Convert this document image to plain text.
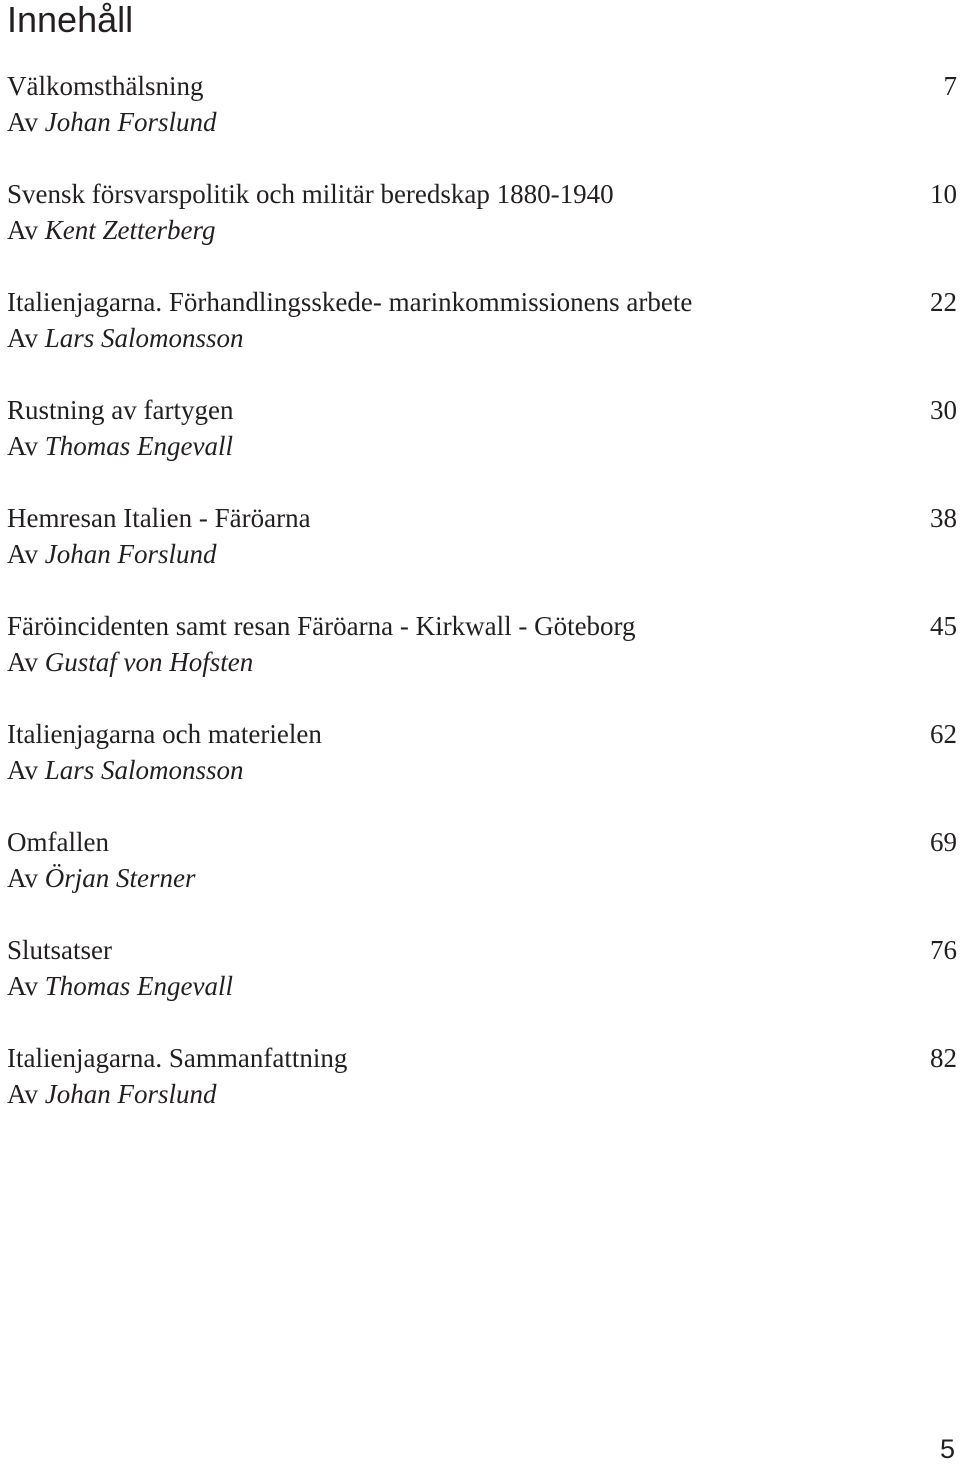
Innehåll
Välkomsthälsning	7
Av Johan Forslund
Svensk försvarspolitik och militär beredskap 1880-1940	10
Av Kent Zetterberg
Italienjagarna. Förhandlingsskede- marinkommissionens arbete	22
Av Lars Salomonsson
Rustning av fartygen	30
Av Thomas Engevall
Hemresan Italien - Färöarna	38
Av Johan Forslund
Färöincidenten samt resan Färöarna - Kirkwall - Göteborg	45
Av Gustaf von Hofsten
Italienjagarna och materielen	62
Av Lars Salomonsson
Omfallen	69
Av Örjan Sterner
Slutsatser	76
Av Thomas Engevall
Italienjagarna. Sammanfattning	82
Av Johan Forslund
5
